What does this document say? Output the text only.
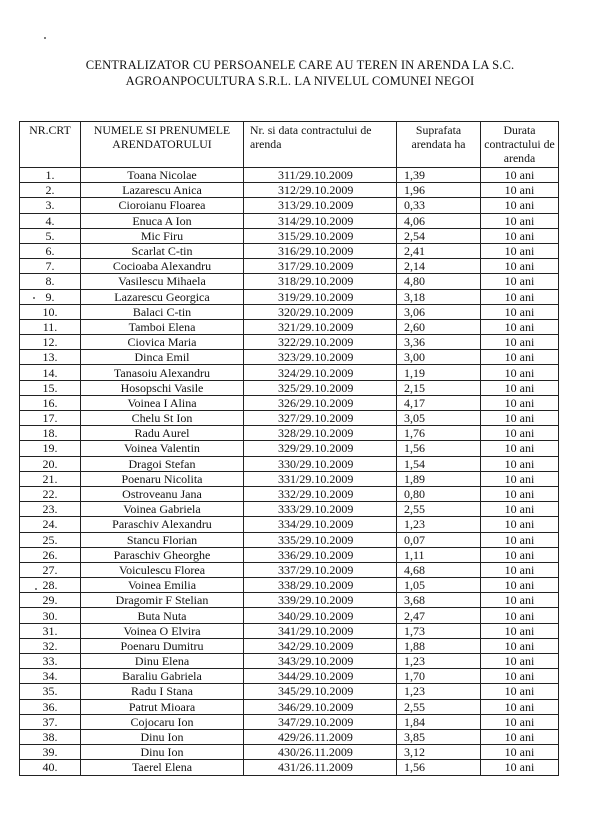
CENTRALIZATOR CU PERSOANELE CARE AU TEREN IN ARENDA LA S.C.
AGROANPOCULTURA S.R.L. LA NIVELUL COMUNEI NEGOI
NR.CRT	NUMELE SI PRENUMELE ARENDATORULUI	Nr. si data contractului de arenda	Suprafata arendata ha	Durata contractului de arenda
1.	Toana Nicolae	311/29.10.2009	1,39	10 ani
2.	Lazarescu Anica	312/29.10.2009	1,96	10 ani
3.	Cioroianu Floarea	313/29.10.2009	0,33	10 ani
4.	Enuca A Ion	314/29.10.2009	4,06	10 ani
5.	Mic Firu	315/29.10.2009	2,54	10 ani
6.	Scarlat C-tin	316/29.10.2009	2,41	10 ani
7.	Cocioaba Alexandru	317/29.10.2009	2,14	10 ani
8.	Vasilescu Mihaela	318/29.10.2009	4,80	10 ani
9.	Lazarescu Georgica	319/29.10.2009	3,18	10 ani
10.	Balaci C-tin	320/29.10.2009	3,06	10 ani
11.	Tamboi Elena	321/29.10.2009	2,60	10 ani
12.	Ciovica Maria	322/29.10.2009	3,36	10 ani
13.	Dinca Emil	323/29.10.2009	3,00	10 ani
14.	Tanasoiu Alexandru	324/29.10.2009	1,19	10 ani
15.	Hosopschi Vasile	325/29.10.2009	2,15	10 ani
16.	Voinea I Alina	326/29.10.2009	4,17	10 ani
17.	Chelu St Ion	327/29.10.2009	3,05	10 ani
18.	Radu Aurel	328/29.10.2009	1,76	10 ani
19.	Voinea Valentin	329/29.10.2009	1,56	10 ani
20.	Dragoi Stefan	330/29.10.2009	1,54	10 ani
21.	Poenaru Nicolita	331/29.10.2009	1,89	10 ani
22.	Ostroveanu Jana	332/29.10.2009	0,80	10 ani
23.	Voinea Gabriela	333/29.10.2009	2,55	10 ani
24.	Paraschiv Alexandru	334/29.10.2009	1,23	10 ani
25.	Stancu Florian	335/29.10.2009	0,07	10 ani
26.	Paraschiv Gheorghe	336/29.10.2009	1,11	10 ani
27.	Voiculescu Florea	337/29.10.2009	4,68	10 ani
28.	Voinea Emilia	338/29.10.2009	1,05	10 ani
29.	Dragomir F Stelian	339/29.10.2009	3,68	10 ani
30.	Buta Nuta	340/29.10.2009	2,47	10 ani
31.	Voinea O Elvira	341/29.10.2009	1,73	10 ani
32.	Poenaru Dumitru	342/29.10.2009	1,88	10 ani
33.	Dinu Elena	343/29.10.2009	1,23	10 ani
34.	Baraliu Gabriela	344/29.10.2009	1,70	10 ani
35.	Radu I Stana	345/29.10.2009	1,23	10 ani
36.	Patrut Mioara	346/29.10.2009	2,55	10 ani
37.	Cojocaru Ion	347/29.10.2009	1,84	10 ani
38.	Dinu Ion	429/26.11.2009	3,85	10 ani
39.	Dinu Ion	430/26.11.2009	3,12	10 ani
40.	Taerel Elena	431/26.11.2009	1,56	10 ani
